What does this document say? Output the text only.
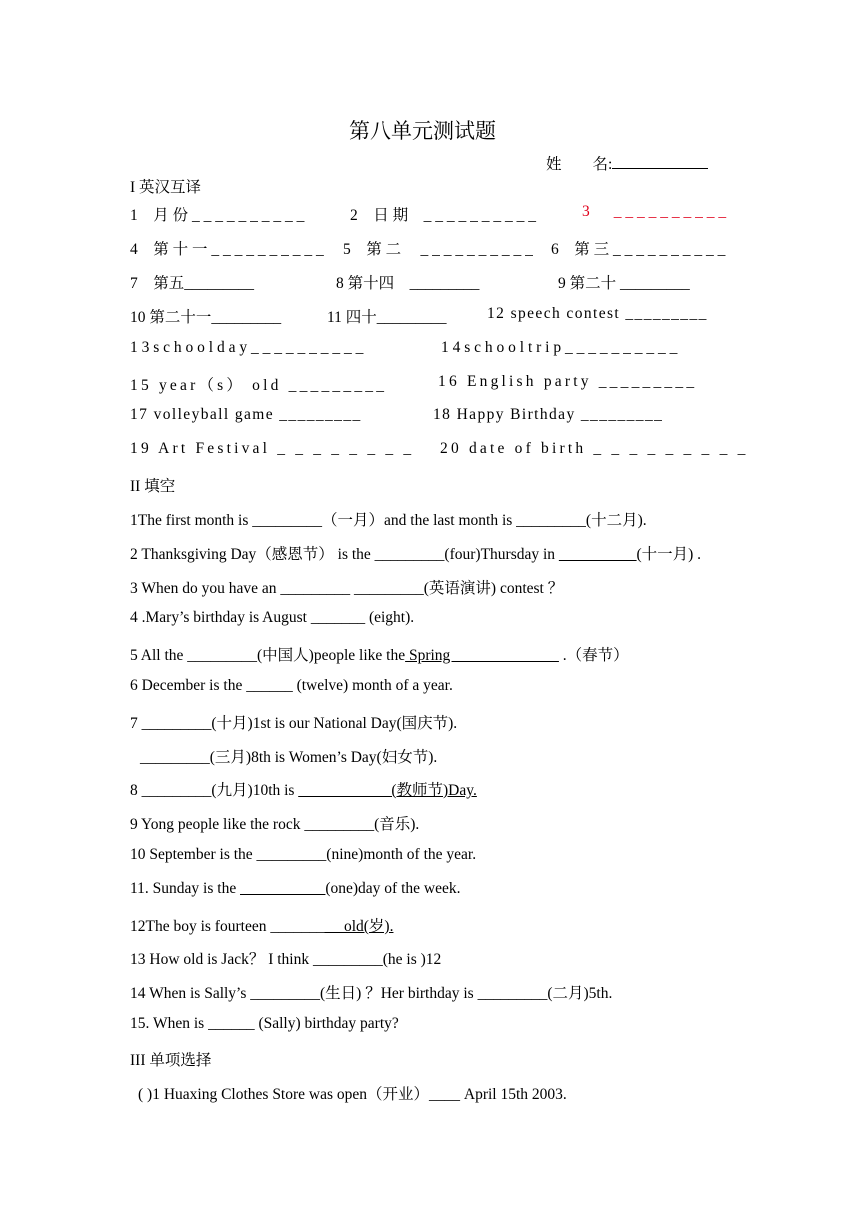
第八单元测试题
姓　　名:
I 英汉互译
1　月 份 _ _ _ _ _ _ _ _ _ _	2　日 期　_ _ _ _ _ _ _ _ _ _	3 _ _ _ _ _ _ _ _ _ _
4　第 十 一 _ _ _ _ _ _ _ _ _ _ 5　第 二　 _ _ _ _ _ _ _ _ _ _ 6　第 三 _ _ _ _ _ _ _ _ _ _
7　第五_________	8 第十四　_________	9 第二十 _________
10 第二十一_________	11 四十_________	12 speech contest _________
1 3 s c h o o l d a y _ _ _ _ _ _ _ _ _ _	1 4 s c h o o l t r i p _ _ _ _ _ _ _ _ _ _
15 year（s） old _________	16 English party _________
17 volleyball game _________	18 Happy Birthday _________
19 Art Festival _ _ _ _ _ _ _ _ 20 date of birth _ _ _ _ _ _ _ _ _
II 填空
1The first month is _________（一月）and the last month is _________(十二月).
2 Thanksgiving Day（感恩节） is the _________(four)Thursday in __________(十一月) .
3 When do you have an _________ _________(英语演讲) contest ？
4 .Mary’s birthday is August _______ (eight).
5 All the _________(中国人)people like the Spring _____ ________ .（春节）
6 December is the ______ (twelve) month of a year.
7 _________(十月)1st is our National Day(国庆节).
_________(三月)8th is Women’s Day(妇女节).
8 _________(九月)10th is _______ ____ (教师节)Day.
9 Yong people like the rock _________(音乐).
10 September is the _________(nine)month of the year.
11. Sunday is the ___________(one)day of the week.
12The boy is fourteen ________ _old(岁).
13 How old is Jack？ I think _________(he is )12
14 When is Sally’s _________(生日) ？Her birthday is _________(二月)5th.
15. When is ______ (Sally) birthday party?
III 单项选择
( )1 Huaxing Clothes Store was open（开业）____ April 15th 2003.
